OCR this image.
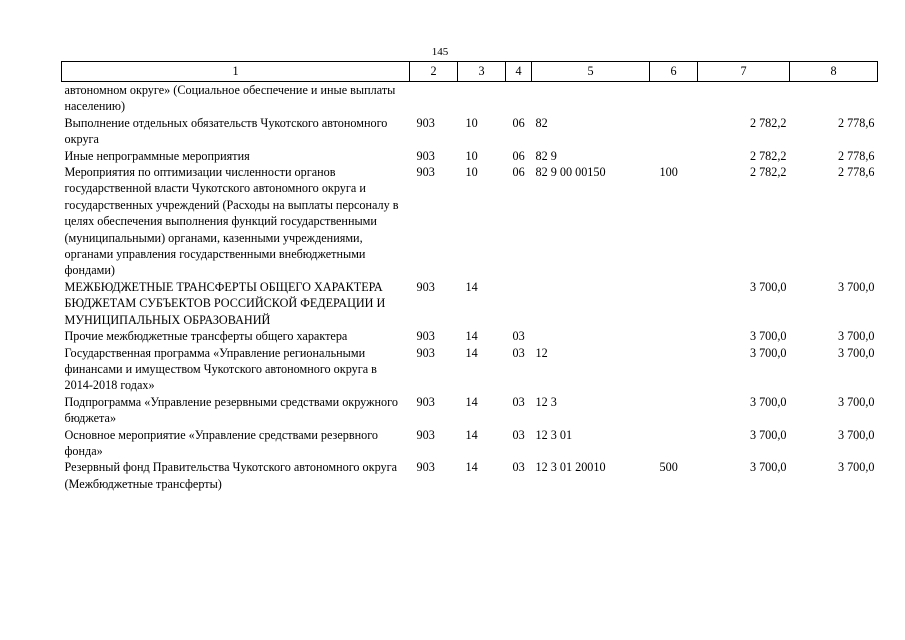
145
1	2	3	4	5	6	7	8
автономном округе» (Социальное обеспечение и иные выплаты населению)							
Выполнение отдельных обязательств Чукотского автономного округа	903	10	06	82		2 782,2	2 778,6
Иные непрограммные мероприятия	903	10	06	82 9		2 782,2	2 778,6
Мероприятия по оптимизации численности органов государственной власти Чукотского автономного округа и государственных учреждений (Расходы на выплаты персоналу в целях обеспечения выполнения функций государственными (муниципальными) органами, казенными учреждениями, органами управления государственными внебюджетными фондами)	903	10	06	82 9 00 00150	100	2 782,2	2 778,6
МЕЖБЮДЖЕТНЫЕ ТРАНСФЕРТЫ ОБЩЕГО ХАРАКТЕРА БЮДЖЕТАМ СУБЪЕКТОВ РОССИЙСКОЙ ФЕДЕРАЦИИ И МУНИЦИПАЛЬНЫХ ОБРАЗОВАНИЙ	903	14				3 700,0	3 700,0
Прочие межбюджетные трансферты общего характера	903	14	03			3 700,0	3 700,0
Государственная программа «Управление региональными финансами и имуществом Чукотского автономного округа в 2014-2018 годах»	903	14	03	12		3 700,0	3 700,0
Подпрограмма «Управление резервными средствами окружного бюджета»	903	14	03	12 3		3 700,0	3 700,0
Основное мероприятие «Управление средствами резервного фонда»	903	14	03	12 3 01		3 700,0	3 700,0
Резервный фонд Правительства Чукотского автономного округа (Межбюджетные трансферты)	903	14	03	12 3 01 20010	500	3 700,0	3 700,0
